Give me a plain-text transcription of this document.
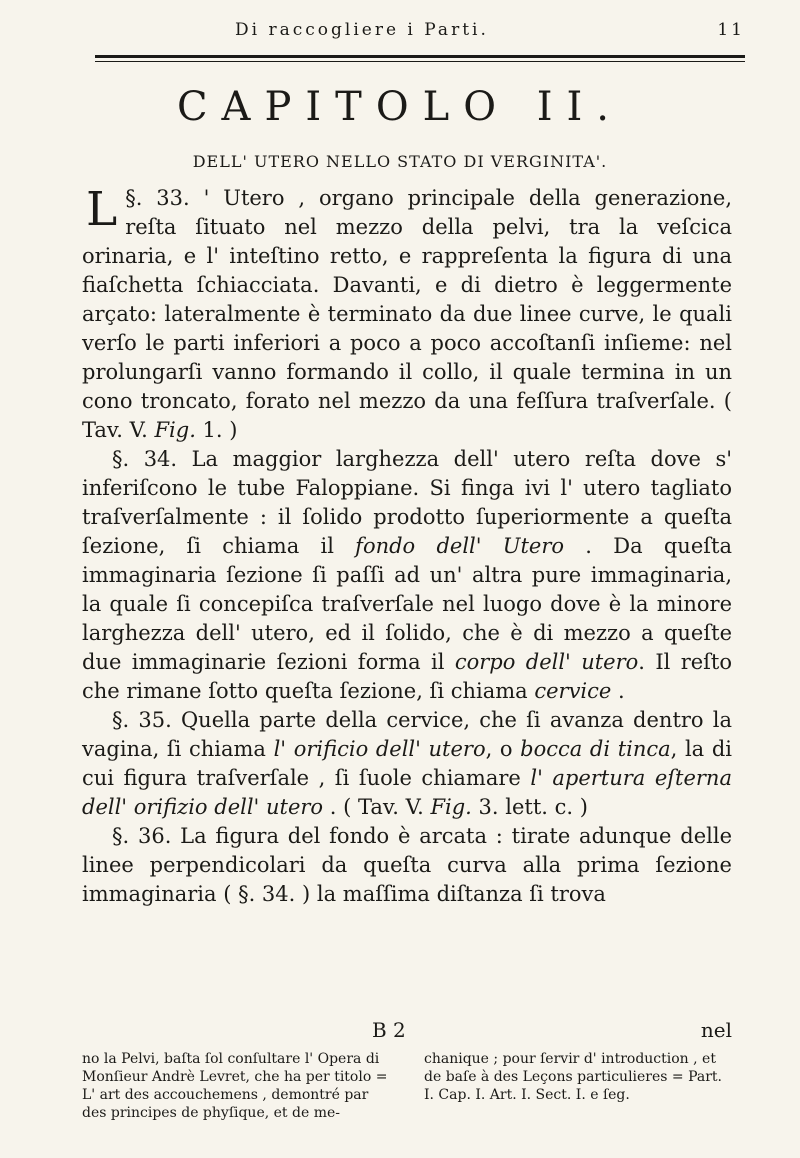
Di raccogliere i Parti.	11
CAPITOLO II.
DELL' UTERO NELLO STATO DI VERGINITA'.

§. 33.
L	' Utero , organo principale della generazione, reſta ſituato nel mezzo della pelvi, tra la veſcica orinaria, e l' inteſtino retto, e rappreſenta la figura di una fiaſchetta ſchiacciata. Davanti, e di dietro è leggermente arçato: lateralmente è terminato da due linee curve, le quali verſo le parti inferiori a poco a poco accoſtanſi inſieme: nel prolungarſi vanno formando il collo, il quale termina in un cono troncato, forato nel mezzo da una feſſura traſverſale. ( Tav. V. Fig. 1. )

§. 34. La maggior larghezza dell' utero reſta dove s' inferiſcono le tube Faloppiane. Si finga ivi l' utero tagliato traſverſalmente : il ſolido prodotto ſuperiormente a queſta ſezione, ſi chiama il fondo dell' Utero . Da queſta immaginaria ſezione ſi paſſi ad un' altra pure immaginaria, la quale ſi concepiſca traſverſale nel luogo dove è la minore larghezza dell' utero, ed il ſolido, che è di mezzo a queſte due immaginarie ſezioni forma il corpo dell' utero. Il reſto che rimane ſotto queſta ſezione, ſi chiama cervice .

§. 35. Quella parte della cervice, che ſi avanza dentro la vagina, ſi chiama l' orificio dell' utero, o bocca di tinca, la di cui figura traſverſale , ſi ſuole chiamare l' apertura eſterna dell' orifizio dell' utero . ( Tav. V. Fig. 3. lett. c. )

§. 36. La figura del fondo è arcata : tirate adunque delle linee perpendicolari da queſta curva alla prima ſezione immaginaria ( §. 34. ) la maſſima diſtanza ſi trova

B 2	nel
no la Pelvi, baſta ſol conſultare l' Opera di Monſieur Andrè Levret, che ha per titolo = L' art des accouchemens , demontré par des principes de phyſique, et de me-
chanique ; pour ſervir d' introduction , et de baſe à des Leçons particulieres = Part. I. Cap. I. Art. I. Sect. I. e ſeg.
